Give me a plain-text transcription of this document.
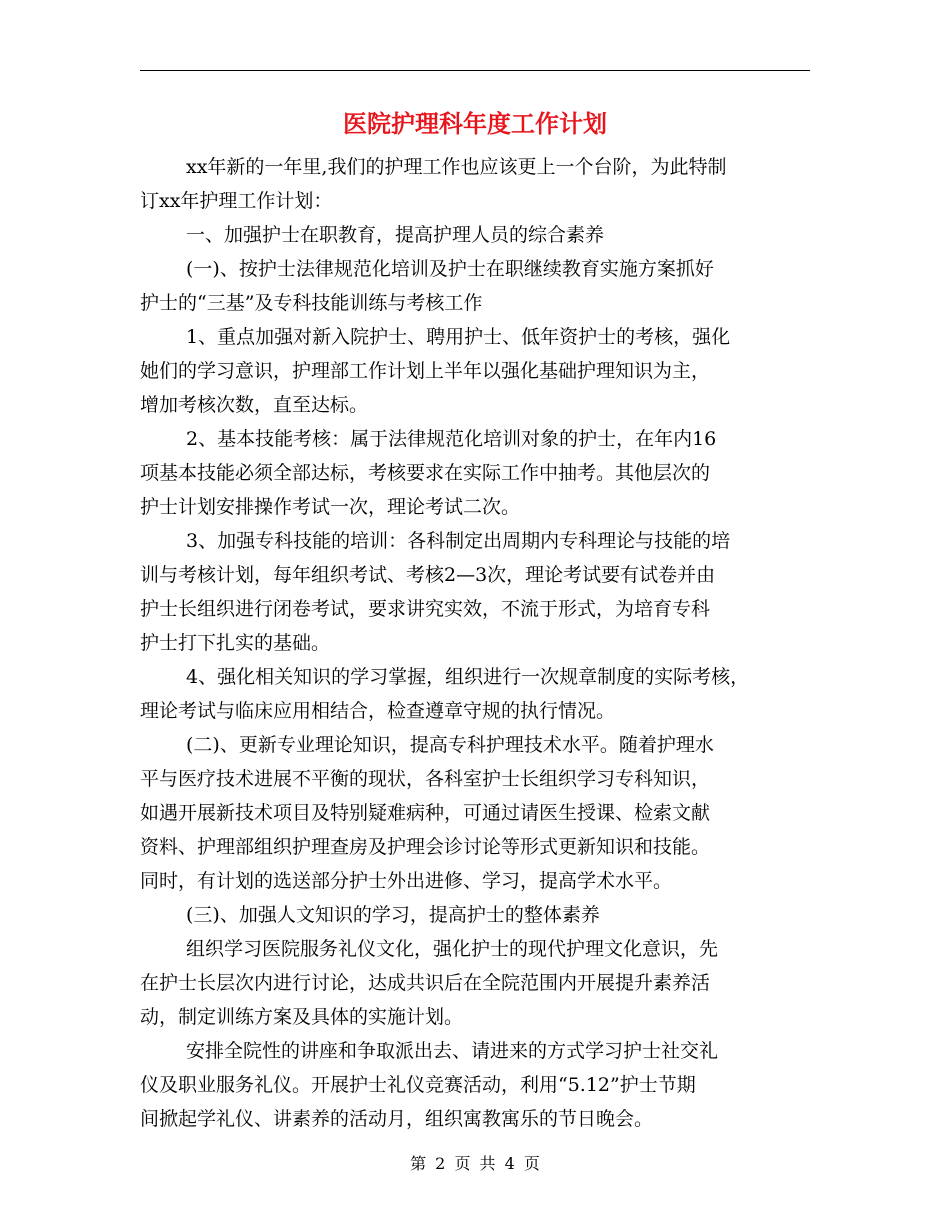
医院护理科年度工作计划
xx年新的一年里,我们的护理工作也应该更上一个台阶，为此特制
订xx年护理工作计划：
一、加强护士在职教育，提高护理人员的综合素养
(一)、按护士法律规范化培训及护士在职继续教育实施方案抓好
护士的“三基”及专科技能训练与考核工作
1、重点加强对新入院护士、聘用护士、低年资护士的考核，强化
她们的学习意识，护理部工作计划上半年以强化基础护理知识为主，
增加考核次数，直至达标。
2、基本技能考核：属于法律规范化培训对象的护士，在年内16
项基本技能必须全部达标，考核要求在实际工作中抽考。其他层次的
护士计划安排操作考试一次，理论考试二次。
3、加强专科技能的培训：各科制定出周期内专科理论与技能的培
训与考核计划，每年组织考试、考核2—3次，理论考试要有试卷并由
护士长组织进行闭卷考试，要求讲究实效，不流于形式，为培育专科
护士打下扎实的基础。
4、强化相关知识的学习掌握，组织进行一次规章制度的实际考核，
理论考试与临床应用相结合，检查遵章守规的执行情况。
(二)、更新专业理论知识，提高专科护理技术水平。随着护理水
平与医疗技术进展不平衡的现状，各科室护士长组织学习专科知识，
如遇开展新技术项目及特别疑难病种，可通过请医生授课、检索文献
资料、护理部组织护理查房及护理会诊讨论等形式更新知识和技能。
同时，有计划的选送部分护士外出进修、学习，提高学术水平。
(三)、加强人文知识的学习，提高护士的整体素养
组织学习医院服务礼仪文化，强化护士的现代护理文化意识，先
在护士长层次内进行讨论，达成共识后在全院范围内开展提升素养活
动，制定训练方案及具体的实施计划。
安排全院性的讲座和争取派出去、请进来的方式学习护士社交礼
仪及职业服务礼仪。开展护士礼仪竞赛活动，利用“5.12”护士节期
间掀起学礼仪、讲素养的活动月，组织寓教寓乐的节日晚会。
第 2 页 共 4 页
